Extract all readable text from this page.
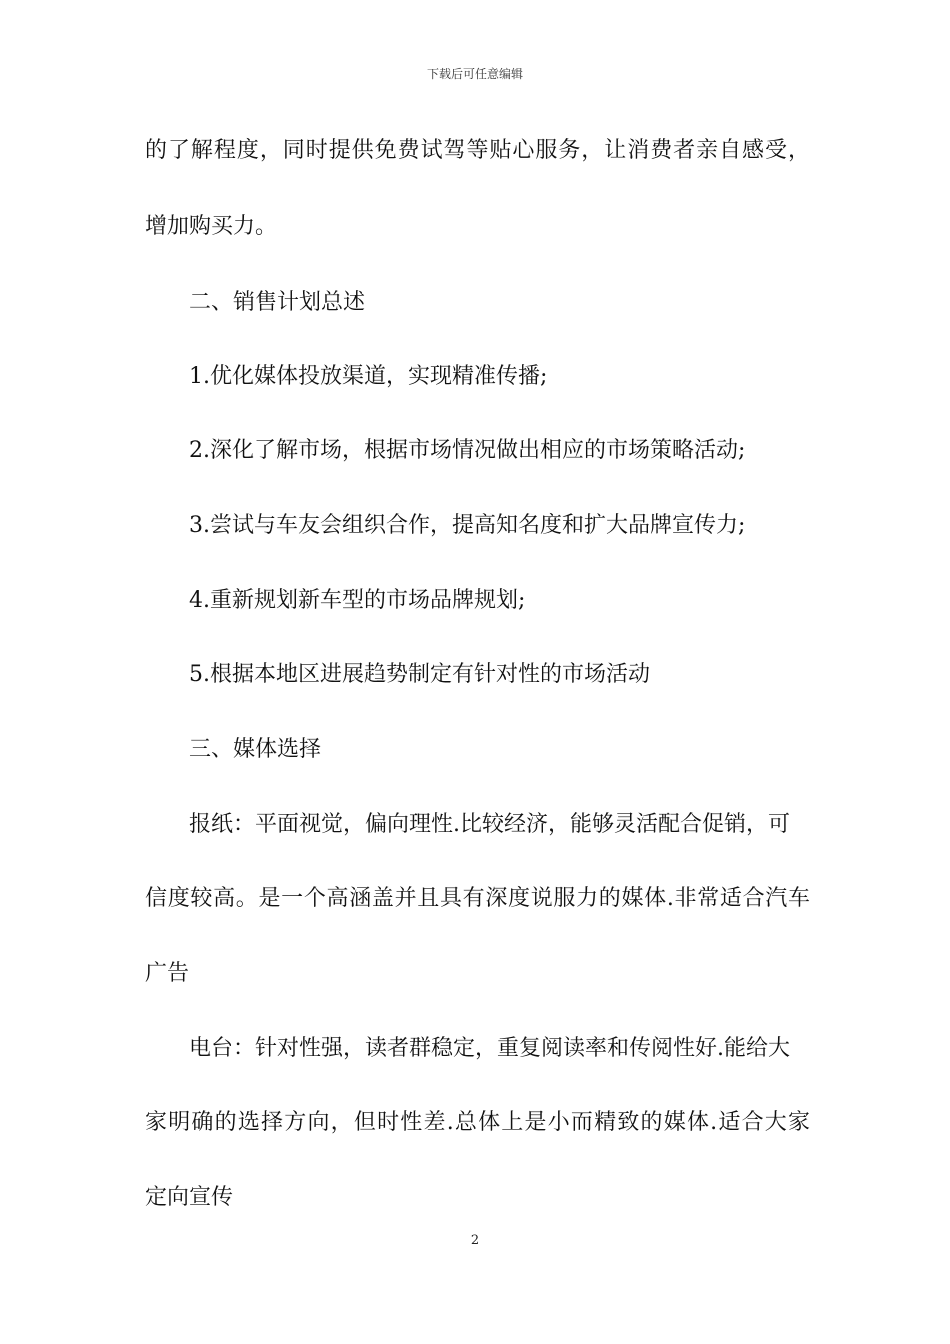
下载后可任意编辑
的了解程度，同时提供免费试驾等贴心服务，让消费者亲自感受，
增加购买力。
二、销售计划总述
1.优化媒体投放渠道，实现精准传播;
2.深化了解市场，根据市场情况做出相应的市场策略活动;
3.尝试与车友会组织合作，提高知名度和扩大品牌宣传力;
4.重新规划新车型的市场品牌规划;
5.根据本地区进展趋势制定有针对性的市场活动
三、媒体选择
报纸：平面视觉，偏向理性.比较经济，能够灵活配合促销，可
信度较高。是一个高涵盖并且具有深度说服力的媒体.非常适合汽车
广告
电台：针对性强，读者群稳定，重复阅读率和传阅性好.能给大
家明确的选择方向，但时性差.总体上是小而精致的媒体.适合大家
定向宣传
2
